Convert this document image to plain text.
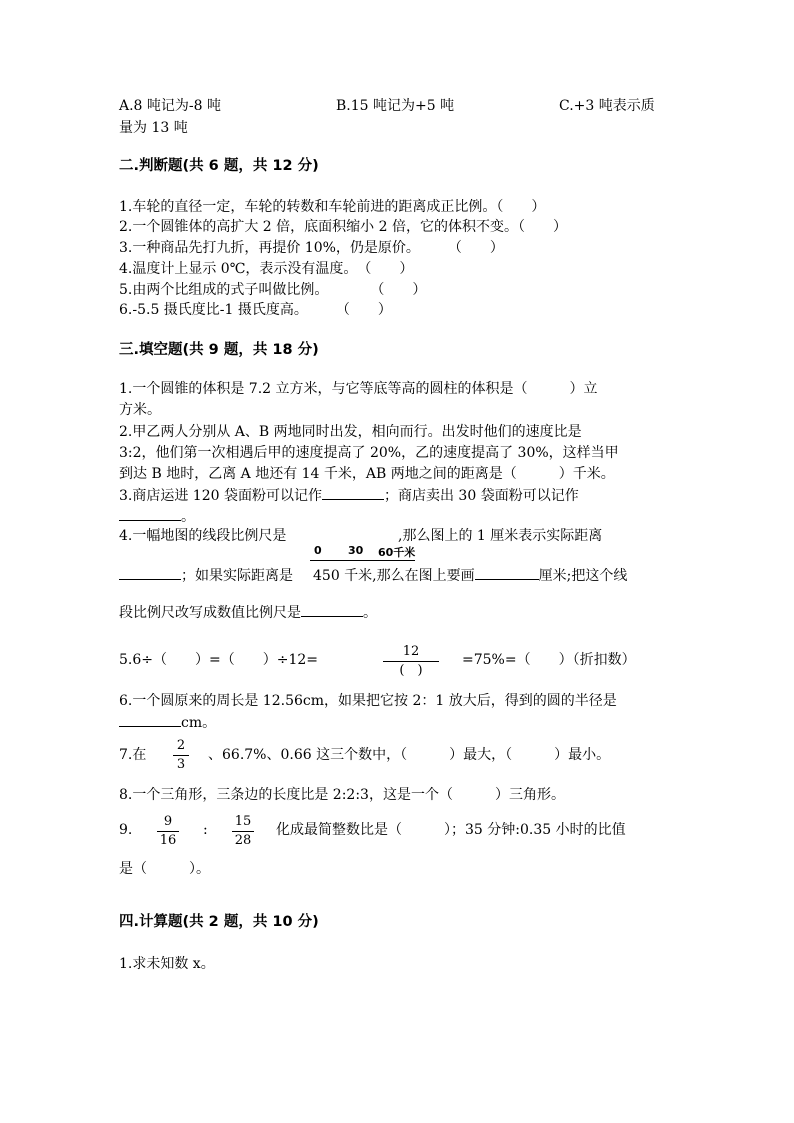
A.8 吨记为-8 吨	B.15 吨记为+5 吨	C.+3 吨表示质
量为 13 吨
二.判断题(共 6 题，共 12 分)
1.车轮的直径一定，车轮的转数和车轮前进的距离成正比例。（　　）
2.一个圆锥体的高扩大 2 倍，底面积缩小 2 倍，它的体积不变。（　　）
3.一种商品先打九折，再提价 10%，仍是原价。　　　（　　）
4.温度计上显示 0℃，表示没有温度。　（　　）
5.由两个比组成的式子叫做比例。　　　　（　　）
6.-5.5 摄氏度比-1 摄氏度高。　　　（　　）
三.填空题(共 9 题，共 18 分)
1.一个圆锥的体积是 7.2 立方米，与它等底等高的圆柱的体积是（　　　）立
方米。
2.甲乙两人分别从 A、B 两地同时出发，相向而行。出发时他们的速度比是
3:2，他们第一次相遇后甲的速度提高了 20%，乙的速度提高了 30%，这样当甲
到达 B 地时，乙离 A 地还有 14 千米，AB 两地之间的距离是（　　　）千米。
3.商店运进 120 袋面粉可以记作	；商店卖出 30 袋面粉可以记作
。
4.一幅地图的线段比例尺是	,那么图上的 1 厘米表示实际距离
0 30 60千米
；如果实际距离是 450 千米,那么在图上要画	厘米;把这个线
段比例尺改写成数值比例尺是	。
5.6÷（　　）=（　　）÷12=
12
(　)
=75%=（　　）（折扣数）
6.一个圆原来的周长是 12.56cm，如果把它按 2：1 放大后，得到的圆的半径是
cm。
7.在
2
3
、66.7%、0.66 这三个数中，（　　　）最大，（　　　）最小。
8.一个三角形，三条边的长度比是 2:2:3，这是一个（　　　）三角形。
9.
9
16
:
15
28
化成最简整数比是（　　　）；35 分钟:0.35 小时的比值
是（　　　）。
四.计算题(共 2 题，共 10 分)
1.求未知数 x。
